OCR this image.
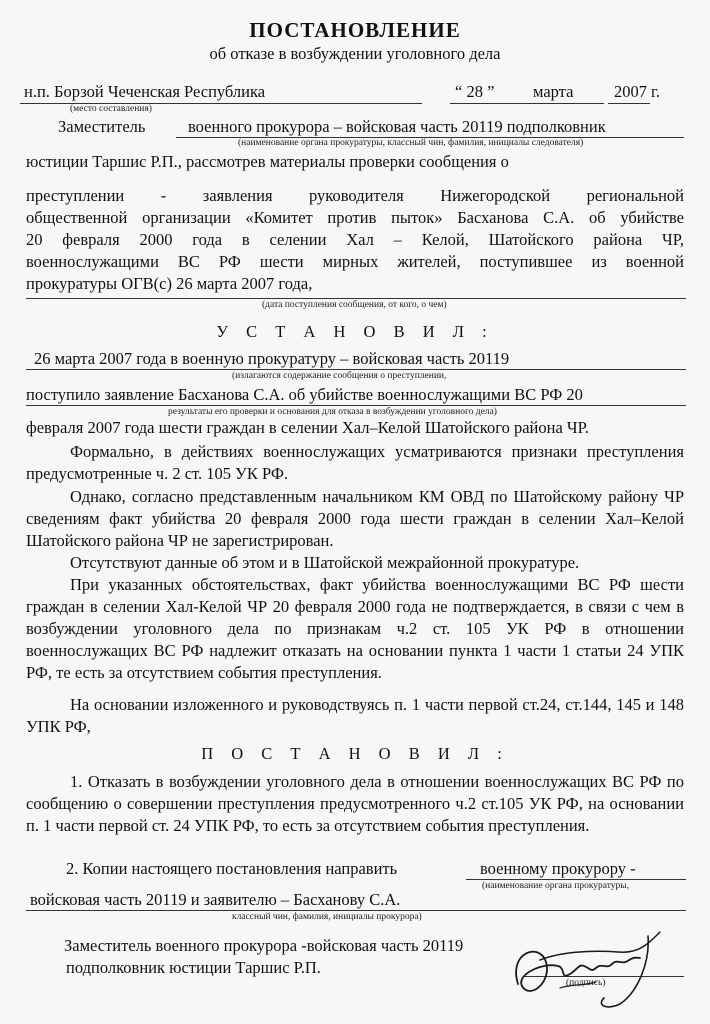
ПОСТАНОВЛЕНИЕ
об отказе в возбуждении уголовного дела
н.п. Борзой Чеченская Республика
(место составления)
“ 28 ” марта 2007 г.
Заместитель	военного прокурора – войсковая часть 20119 подполковник
(наименование органа прокуратуры, классный чин, фамилия, инициалы следователя)
юстиции Таршис Р.П., рассмотрев материалы проверки сообщения о
преступлении - заявления руководителя Нижегородской региональной
общественной организации «Комитет против пыток» Басханова С.А. об убийстве
20 февраля 2000 года в селении Хал – Келой, Шатойского района ЧР,
военнослужащими ВС РФ шести мирных жителей, поступившее из военной
прокуратуры ОГВ(с) 26 марта 2007 года,
(дата поступления сообщения, от кого, о чем)
У С Т А Н О В И Л :
26 марта 2007 года в военную прокуратуру – войсковая часть 20119
(излагаются содержание сообщения о преступлении,
поступило заявление Басханова С.А. об убийстве военнослужащими ВС РФ 20
результаты его проверки и основания для отказа в возбуждении уголовного дела)
февраля 2007 года шести граждан в селении Хал–Келой Шатойского района ЧР.
Формально, в действиях военнослужащих усматриваются признаки преступления предусмотренные ч. 2 ст. 105 УК РФ.
Однако, согласно представленным начальником КМ ОВД по Шатойскому району ЧР сведениям факт убийства 20 февраля 2000 года шести граждан в селении Хал–Келой Шатойского района ЧР не зарегистрирован.
Отсутствуют данные об этом и в Шатойской межрайонной прокуратуре.
При указанных обстоятельствах, факт убийства военнослужащими ВС РФ шести граждан в селении Хал-Келой ЧР 20 февраля 2000 года не подтверждается, в связи с чем в возбуждении уголовного дела по признакам ч.2 ст. 105 УК РФ в отношении военнослужащих ВС РФ надлежит отказать на основании пункта 1 части 1 статьи 24 УПК РФ, те есть за отсутствием события преступления.
На основании изложенного и руководствуясь п. 1 части первой ст.24, ст.144, 145 и 148 УПК РФ,
П О С Т А Н О В И Л :
1. Отказать в возбуждении уголовного дела в отношении военнослужащих ВС РФ по сообщению о совершении преступления предусмотренного ч.2 ст.105 УК РФ, на основании п. 1 части первой ст. 24 УПК РФ, то есть за отсутствием события преступления.
2. Копии настоящего постановления направить	военному прокурору -
(наименование органа прокуратуры,
войсковая часть 20119 и заявителю – Басханову С.А.
классный чин, фамилия, инициалы прокурора)
Заместитель военного прокурора -войсковая часть 20119
подполковник юстиции Таршис Р.П.
(подпись)
